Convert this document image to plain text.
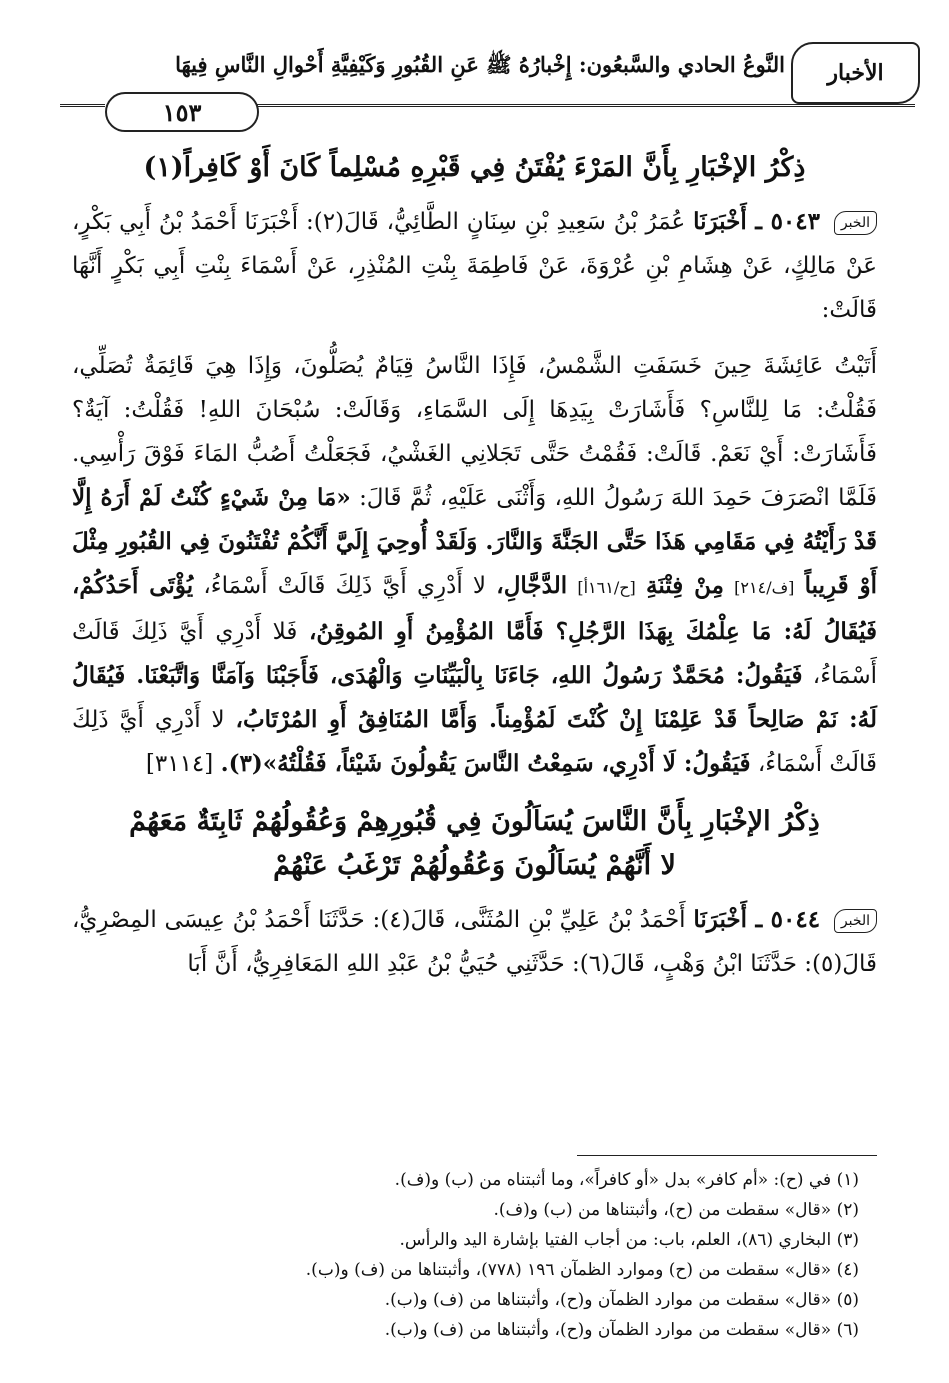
الأخبار
النَّوعُ الحادي والسَّبعُون: إِخْبارُهُ ﷺ عَنِ القُبُورِ وَكَيْفِيَّةِ أَحْوالِ النَّاسِ فِيهَا
١٥٣
ذِكْرُ الإخْبَارِ بِأَنَّ المَرْءَ يُفْتَنُ فِي قَبْرِهِ مُسْلِماً كَانَ أَوْ كَافِراً(١)

الخبر ٥٠٤٣ ـ أَخْبَرَنَا عُمَرُ بْنُ سَعِيدِ بْنِ سِنَانٍ الطَّائِيُّ، قَالَ(٢): أَخْبَرَنَا أَحْمَدُ بْنُ أَبِي بَكْرٍ، عَنْ مَالِكٍ، عَنْ هِشَامِ بْنِ عُرْوَةَ، عَنْ فَاطِمَةَ بِنْتِ المُنْذِرِ، عَنْ أَسْمَاءَ بِنْتِ أَبِي بَكْرٍ أَنَّهَا قَالَتْ:

أَتَيْتُ عَائِشَةَ حِينَ خَسَفَتِ الشَّمْسُ، فَإِذَا النَّاسُ قِيَامٌ يُصَلُّونَ، وَإِذَا هِيَ قَائِمَةٌ تُصَلِّي، فَقُلْتُ: مَا لِلنَّاسِ؟ فَأَشَارَتْ بِيَدِهَا إِلَى السَّمَاءِ، وَقَالَتْ: سُبْحَانَ اللهِ! فَقُلْتُ: آيَةٌ؟ فَأَشَارَتْ: أَيْ نَعَمْ. قَالَتْ: فَقُمْتُ حَتَّى تَجَلانِي الغَشْيُ، فَجَعَلْتُ أَصُبُّ المَاءَ فَوْقَ رَأْسِي. فَلَمَّا انْصَرَفَ حَمِدَ اللهَ رَسُولُ اللهِ، وَأَثْنَى عَلَيْهِ، ثُمَّ قَالَ: «مَا مِنْ شَيْءٍ كُنْتُ لَمْ أَرَهُ إِلَّا قَدْ رَأَيْتُهُ فِي مَقَامِي هَذَا حَتَّى الجَنَّةَ وَالنَّارَ. وَلَقَدْ أُوحِيَ إِلَيَّ أَنَّكُمْ تُفْتَنُونَ فِي القُبُورِ مِثْلَ أَوْ قَرِيباً [ف/٢١٤] مِنْ فِتْنَةِ [ح/١٦١أ] الدَّجَّالِ، لا أَدْرِي أَيَّ ذَلِكَ قَالَتْ أَسْمَاءُ، يُؤْتَى أَحَدُكُمْ، فَيُقَالُ لَهُ: مَا عِلْمُكَ بِهَذَا الرَّجُلِ؟ فَأَمَّا المُؤْمِنُ أَوِ المُوقِنُ، فَلا أَدْرِي أَيَّ ذَلِكَ قَالَتْ أَسْمَاءُ، فَيَقُولُ: مُحَمَّدٌ رَسُولُ اللهِ، جَاءَنَا بِالْبَيِّنَاتِ وَالْهُدَى، فَأَجَبْنَا وَآمَنَّا وَاتَّبَعْنَا. فَيُقَالُ لَهُ: نَمْ صَالِحاً قَدْ عَلِمْنَا إِنْ كُنْتَ لَمُؤْمِناً. وَأَمَّا المُنَافِقُ أَوِ المُرْتَابُ، لا أَدْرِي أَيَّ ذَلِكَ قَالَتْ أَسْمَاءُ، فَيَقُولُ: لَا أَدْرِي، سَمِعْتُ النَّاسَ يَقُولُونَ شَيْئاً، فَقُلْتُهُ»(٣). [٣١١٤]

ذِكْرُ الإخْبَارِ بِأَنَّ النَّاسَ يُسَاَلُونَ فِي قُبُورِهِمْ وَعُقُولُهُمْ ثَابِتَةٌ مَعَهُمْ
لا أَنَّهُمْ يُسَاَلُونَ وَعُقُولُهُمْ تَرْغَبُ عَنْهُمْ

الخبر ٥٠٤٤ ـ أَخْبَرَنَا أَحْمَدُ بْنُ عَلِيِّ بْنِ المُثَنَّى، قَالَ(٤): حَدَّثَنَا أَحْمَدُ بْنُ عِيسَى المِصْرِيُّ، قَالَ(٥): حَدَّثَنَا ابْنُ وَهْبٍ، قَالَ(٦): حَدَّثَنِي حُيَيُّ بْنُ عَبْدِ اللهِ المَعَافِرِيُّ، أَنَّ أَبَا

(١) في (ح): «أم كافر» بدل «أو كافراً»، وما أثبتناه من (ب) و(ف).
(٢) «قال» سقطت من (ح)، وأثبتناها من (ب) و(ف).
(٣) البخاري (٨٦)، العلم، باب: من أجاب الفتيا بإشارة اليد والرأس.
(٤) «قال» سقطت من (ح) وموارد الظمآن ١٩٦ (٧٧٨)، وأثبتناها من (ف) و(ب).
(٥) «قال» سقطت من موارد الظمآن و(ح)، وأثبتناها من (ف) و(ب).
(٦) «قال» سقطت من موارد الظمآن و(ح)، وأثبتناها من (ف) و(ب).
